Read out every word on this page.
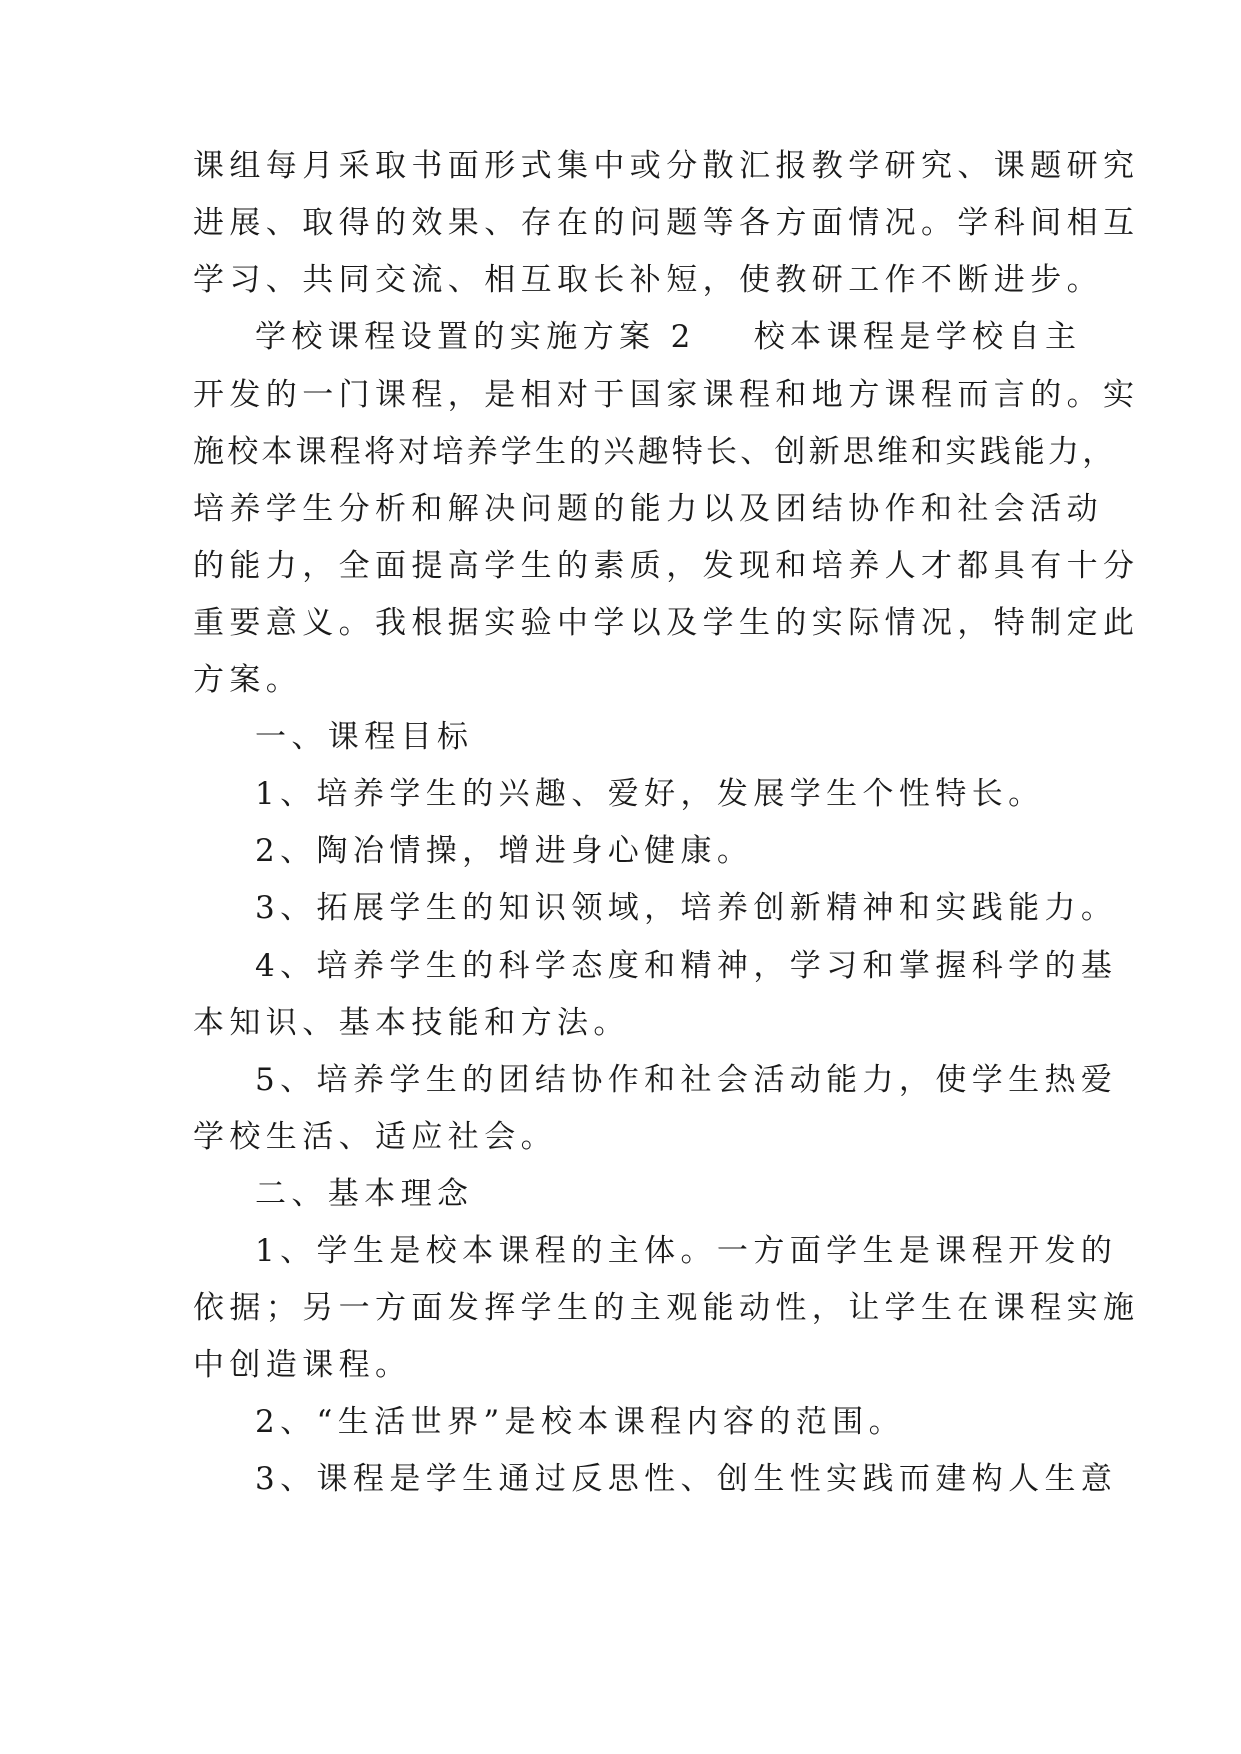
课组每月采取书面形式集中或分散汇报教学研究、课题研究
进展、取得的效果、存在的问题等各方面情况。学科间相互
学习、共同交流、相互取长补短，使教研工作不断进步。
学校课程设置的实施方案 2 校本课程是学校自主
开发的一门课程，是相对于国家课程和地方课程而言的。实
施校本课程将对培养学生的兴趣特长、创新思维和实践能力，
培养学生分析和解决问题的能力以及团结协作和社会活动
的能力，全面提高学生的素质，发现和培养人才都具有十分
重要意义。我根据实验中学以及学生的实际情况，特制定此
方案。
一、课程目标
1、培养学生的兴趣、爱好，发展学生个性特长。
2、陶冶情操，增进身心健康。
3、拓展学生的知识领域，培养创新精神和实践能力。
4、培养学生的科学态度和精神，学习和掌握科学的基
本知识、基本技能和方法。
5、培养学生的团结协作和社会活动能力，使学生热爱
学校生活、适应社会。
二、基本理念
1、学生是校本课程的主体。一方面学生是课程开发的
依据；另一方面发挥学生的主观能动性，让学生在课程实施
中创造课程。
2、“生活世界”是校本课程内容的范围。
3、课程是学生通过反思性、创生性实践而建构人生意
